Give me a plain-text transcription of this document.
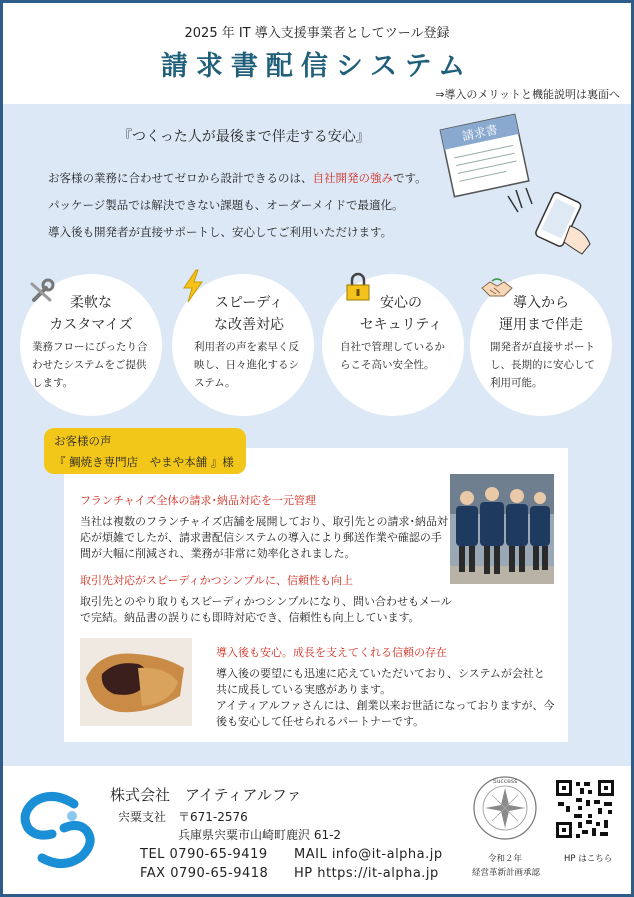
2025 年 IT 導入支援事業者としてツール登録
請求書配信システム
⇒導入のメリットと機能説明は裏面へ
『つくった人が最後まで伴走する安心』
お客様の業務に合わせてゼロから設計できるのは、自社開発の強みです。
パッケージ製品では解決できない課題も、オーダーメイドで最適化。
導入後も開発者が直接サポートし、安心してご利用いただけます。
請求書
柔軟な
カスタマイズ
業務フローにぴったり合
わせたシステムをご提供
します。
スピーディ
な改善対応
利用者の声を素早く反
映し、日々進化するシ
ステム。
安心の
セキュリティ
自社で管理しているか
らこそ高い安全性。
導入から
運用まで伴走
開発者が直接サポート
し、長期的に安心して
利用可能。
お客様の声
『 鯛焼き専門店　やまや本舗 』様
フランチャイズ全体の請求･納品対応を一元管理
当社は複数のフランチャイズ店舗を展開しており、取引先との請求･納品対
応が煩雑でしたが、請求書配信システムの導入により郵送作業や確認の手
間が大幅に削減され、業務が非常に効率化されました。
取引先対応がスピーディかつシンプルに、信頼性も向上
取引先とのやり取りもスピーディかつシンプルになり、問い合わせもメール
で完結。納品書の誤りにも即時対応でき、信頼性も向上しています。
導入後も安心。成長を支えてくれる信頼の存在
導入後の要望にも迅速に応えていただいており、システムが会社と
共に成長している実感があります。
アイティアルファさんには、創業以来お世話になっておりますが、今
後も安心して任せられるパートナーです。
株式会社　アイティアルファ
宍粟支社　〒671-2576
兵庫県宍粟市山崎町鹿沢 61-2
TEL 0790-65-9419 MAIL info@it-alpha.jp
FAX 0790-65-9418 HP https://it-alpha.jp
Success
令和２年
経営革新計画承認
HP はこちら
